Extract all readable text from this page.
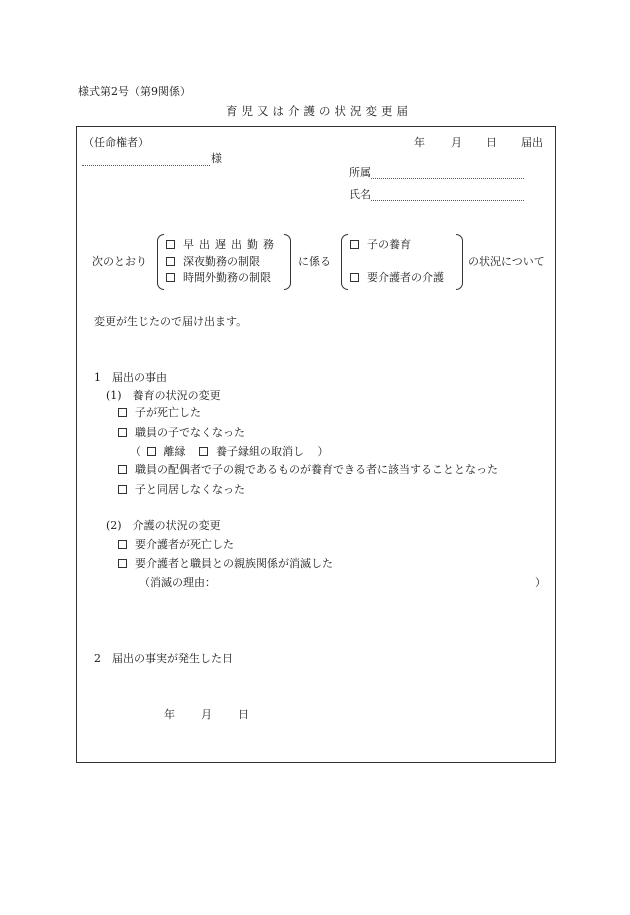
様式第2号（第9関係）
育児又は介護の状況変更届
（任命権者）
様
年 月 日 届出
所属
氏名
次のとおり
早出遅出勤務
深夜勤務の制限
時間外勤務の制限
に係る
子の養育
要介護者の介護
の状況について
変更が生じたので届け出ます。
1　届出の事由
(1)　養育の状況の変更
子が死亡した
職員の子でなくなった
（ 離縁	養子縁組の取消し ）
職員の配偶者で子の親であるものが養育できる者に該当することとなった
子と同居しなくなった
(2)　介護の状況の変更
要介護者が死亡した
要介護者と職員との親族関係が消滅した
（消滅の理由：	）
2　届出の事実が発生した日
年 月 日
